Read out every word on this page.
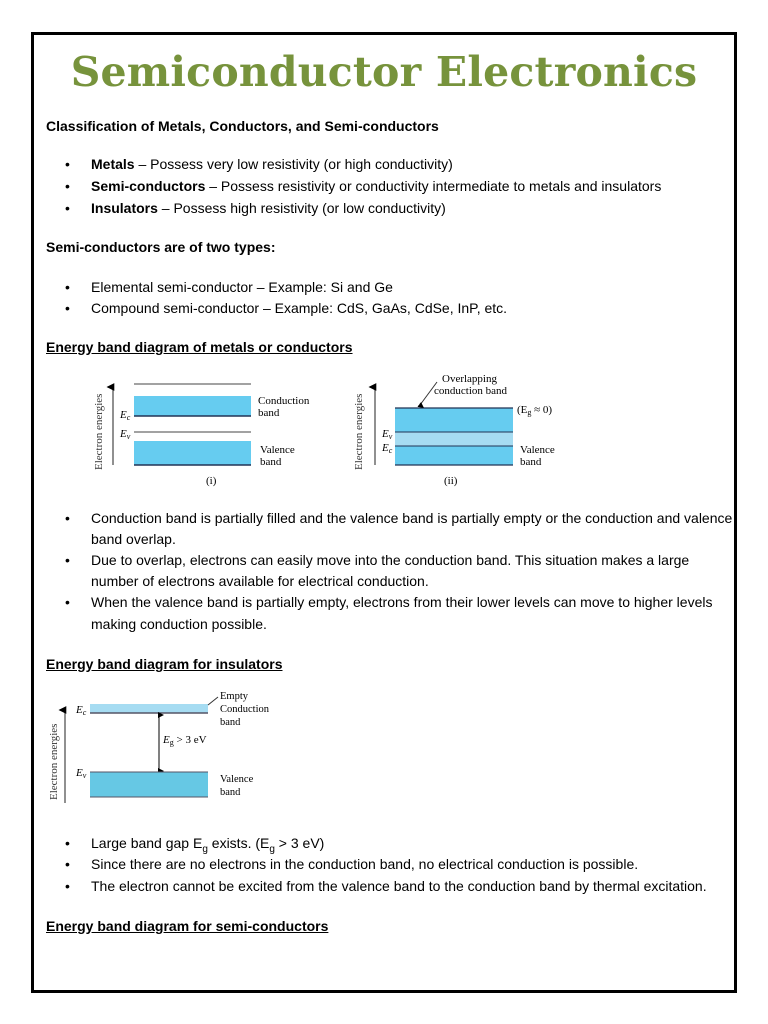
Semiconductor Electronics
Classification of Metals, Conductors, and Semi-conductors
Metals – Possess very low resistivity (or high conductivity)
Semi-conductors – Possess resistivity or conductivity intermediate to metals and insulators
Insulators – Possess high resistivity (or low conductivity)
Semi-conductors are of two types:
Elemental semi-conductor – Example: Si and Ge
Compound semi-conductor – Example: CdS, GaAs, CdSe, InP, etc.
Energy band diagram of metals or conductors
Electron energies Ec
Ev
Conduction band
Valence band
(i)
Electron energies
Overlapping conduction band
(Eg ≈ 0)
Ev
Ec	Valence band
(ii)
Conduction band is partially filled and the valence band is partially empty or the conduction and valence
band overlap.
Due to overlap, electrons can easily move into the conduction band. This situation makes a large
number of electrons available for electrical conduction.
When the valence band is partially empty, electrons from their lower levels can move to higher levels
making conduction possible.
Energy band diagram for insulators
Electron energies
Ec
Eg > 3 eV
Ev
Empty Conduction band
Valence band
Large band gap $E_g$ exists. ($E_g > 3$ eV)
Since there are no electrons in the conduction band, no electrical conduction is possible.
The electron cannot be excited from the valence band to the conduction band by thermal excitation.
Energy band diagram for semi-conductors
